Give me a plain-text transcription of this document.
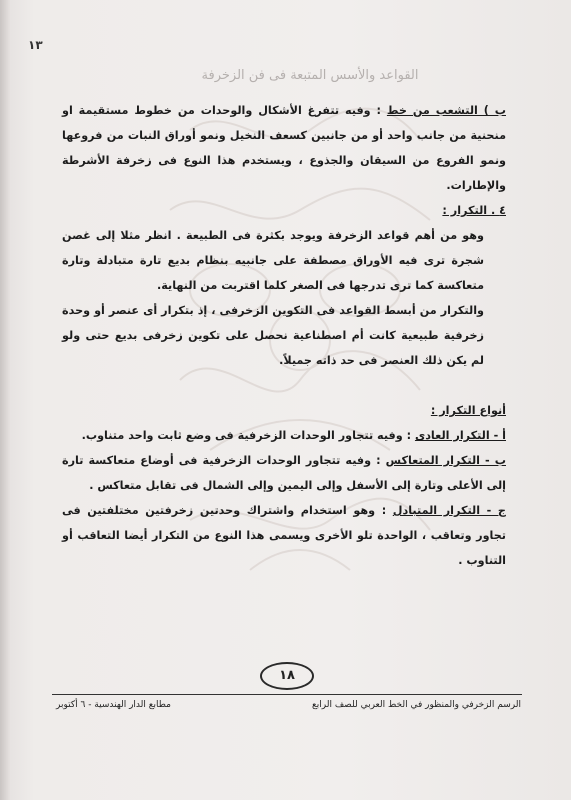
١٣
القواعد والأسس المتبعة فى فن الزخرفة

ب ) التشعب من خط : وفيه تتفرغ الأشكال والوحدات من خطوط مستقيمة او منحنية من جانب واحد أو من جانبين كسعف النخيل ونمو أوراق النبات من فروعها ونمو الفروع من السيقان والجذوع ، ويستخدم هذا النوع فى زخرفة الأشرطة والإطارات.

٤ . التكرار :

وهو من أهم قواعد الزخرفة ويوجد بكثرة فى الطبيعة . انظر مثلا إلى غصن شجرة ترى فيه الأوراق مصطفة على جانبيه بنظام بديع تارة متبادلة وتارة متعاكسة كما ترى تدرجها فى الصغر كلما اقتربت من النهاية.

والتكرار من أبسط القواعد فى التكوين الزخرفى ، إذ بتكرار أى عنصر أو وحدة زخرفية طبيعية كانت أم اصطناعية نحصل على تكوين زخرفى بديع حتى ولو لم يكن ذلك العنصر فى حد ذاته جميلاً.

أنواع التكرار :

أ - التكرار العادى : وفيه تتجاور الوحدات الزخرفية فى وضع ثابت واحد متناوب.

ب - التكرار المتعاكس : وفيه تتجاور الوحدات الزخرفية فى أوضاع متعاكسة تارة إلى الأعلى وتارة إلى الأسفل وإلى اليمين وإلى الشمال فى تقابل متعاكس .

ج - التكرار المتبادل : وهو استخدام واشتراك وحدتين زخرفتين مختلفتين فى تجاور وتعاقب ، الواحدة تلو الأخرى ويسمى هذا النوع من التكرار أيضا التعاقب أو التناوب .

١٨
الرسم الزخرفي والمنظور في الخط العربي للصف الرابع
مطابع الدار الهندسية - ٦ أكتوبر
